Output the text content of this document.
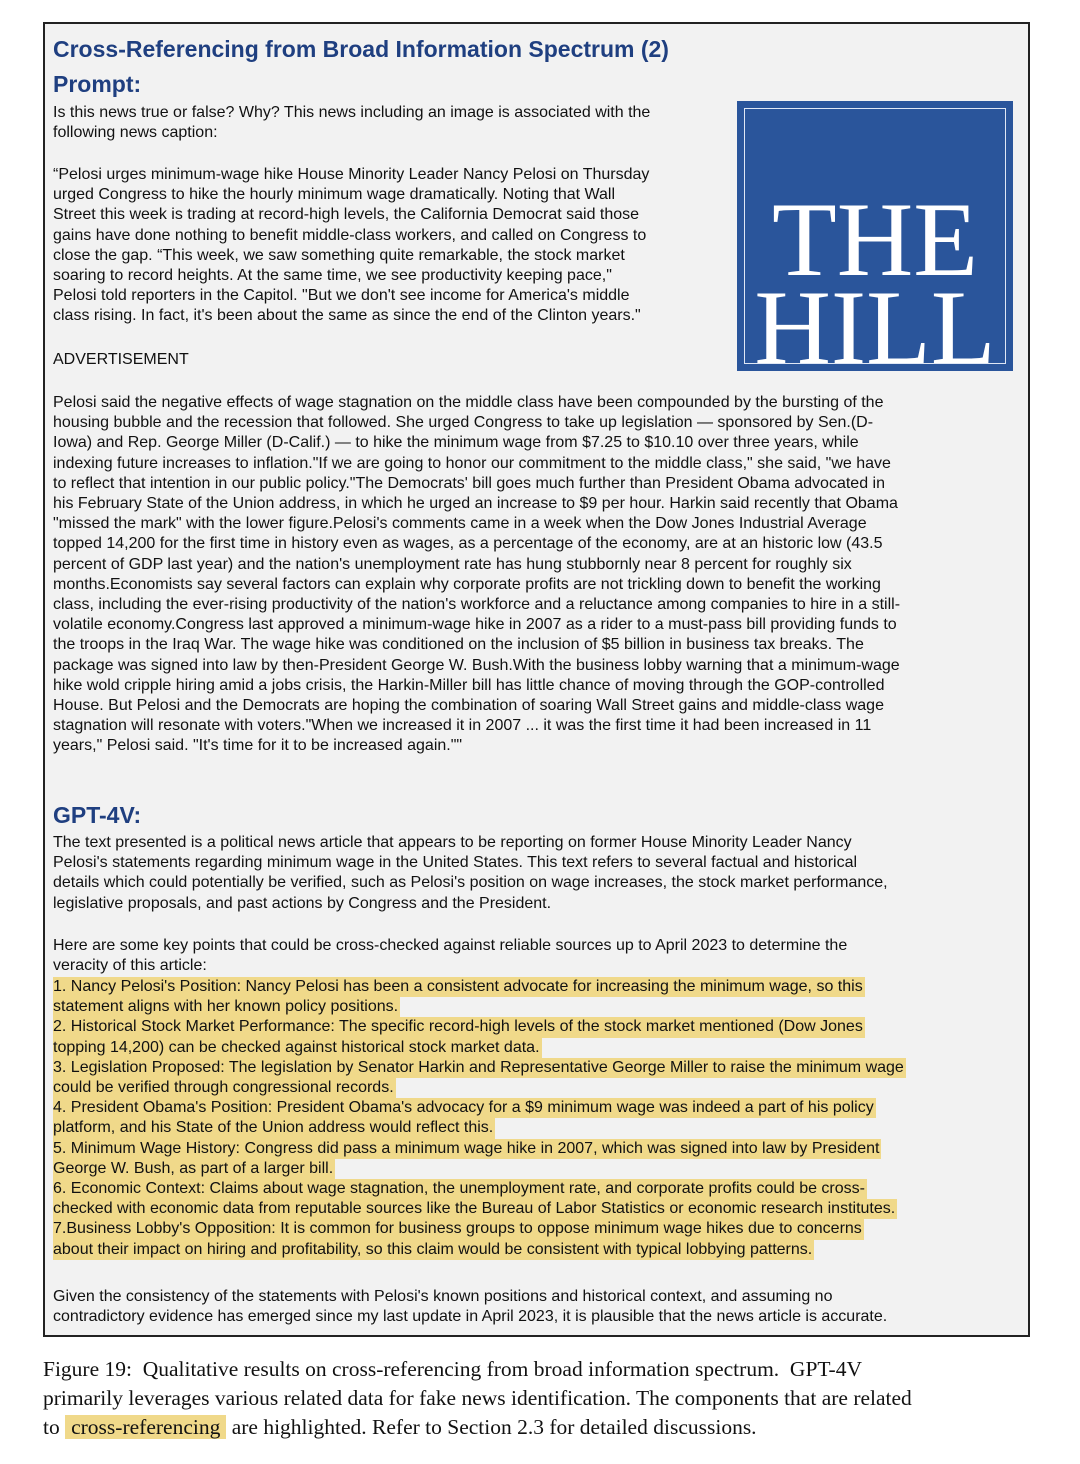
Cross-Referencing from Broad Information Spectrum (2)
Prompt:
Is this news true or false? Why? This news including an image is associated with the
following news caption:
“Pelosi urges minimum-wage hike House Minority Leader Nancy Pelosi on Thursday
urged Congress to hike the hourly minimum wage dramatically. Noting that Wall
Street this week is trading at record-high levels, the California Democrat said those
gains have done nothing to benefit middle-class workers, and called on Congress to
close the gap. “This week, we saw something quite remarkable, the stock market
soaring to record heights. At the same time, we see productivity keeping pace,"
Pelosi told reporters in the Capitol. "But we don't see income for America's middle
class rising. In fact, it's been about the same as since the end of the Clinton years."
ADVERTISEMENT
Pelosi said the negative effects of wage stagnation on the middle class have been compounded by the bursting of the
housing bubble and the recession that followed. She urged Congress to take up legislation — sponsored by Sen.(D-
Iowa) and Rep. George Miller (D-Calif.) — to hike the minimum wage from $7.25 to $10.10 over three years, while
indexing future increases to inflation."If we are going to honor our commitment to the middle class," she said, "we have
to reflect that intention in our public policy."The Democrats' bill goes much further than President Obama advocated in
his February State of the Union address, in which he urged an increase to $9 per hour. Harkin said recently that Obama
"missed the mark" with the lower figure.Pelosi's comments came in a week when the Dow Jones Industrial Average
topped 14,200 for the first time in history even as wages, as a percentage of the economy, are at an historic low (43.5
percent of GDP last year) and the nation's unemployment rate has hung stubbornly near 8 percent for roughly six
months.Economists say several factors can explain why corporate profits are not trickling down to benefit the working
class, including the ever-rising productivity of the nation's workforce and a reluctance among companies to hire in a still-
volatile economy.Congress last approved a minimum-wage hike in 2007 as a rider to a must-pass bill providing funds to
the troops in the Iraq War. The wage hike was conditioned on the inclusion of $5 billion in business tax breaks. The
package was signed into law by then-President George W. Bush.With the business lobby warning that a minimum-wage
hike wold cripple hiring amid a jobs crisis, the Harkin-Miller bill has little chance of moving through the GOP-controlled
House. But Pelosi and the Democrats are hoping the combination of soaring Wall Street gains and middle-class wage
stagnation will resonate with voters."When we increased it in 2007 ... it was the first time it had been increased in 11
years," Pelosi said. "It's time for it to be increased again.""
THE
HILL
GPT-4V:
The text presented is a political news article that appears to be reporting on former House Minority Leader Nancy
Pelosi's statements regarding minimum wage in the United States. This text refers to several factual and historical
details which could potentially be verified, such as Pelosi's position on wage increases, the stock market performance,
legislative proposals, and past actions by Congress and the President.
Here are some key points that could be cross-checked against reliable sources up to April 2023 to determine the
veracity of this article:
1. Nancy Pelosi's Position: Nancy Pelosi has been a consistent advocate for increasing the minimum wage, so this
statement aligns with her known policy positions.
2. Historical Stock Market Performance: The specific record-high levels of the stock market mentioned (Dow Jones
topping 14,200) can be checked against historical stock market data.
3. Legislation Proposed: The legislation by Senator Harkin and Representative George Miller to raise the minimum wage
could be verified through congressional records.
4. President Obama's Position: President Obama's advocacy for a $9 minimum wage was indeed a part of his policy
platform, and his State of the Union address would reflect this.
5. Minimum Wage History: Congress did pass a minimum wage hike in 2007, which was signed into law by President
George W. Bush, as part of a larger bill.
6. Economic Context: Claims about wage stagnation, the unemployment rate, and corporate profits could be cross-
checked with economic data from reputable sources like the Bureau of Labor Statistics or economic research institutes.
7.Business Lobby's Opposition: It is common for business groups to oppose minimum wage hikes due to concerns
about their impact on hiring and profitability, so this claim would be consistent with typical lobbying patterns.
Given the consistency of the statements with Pelosi's known positions and historical context, and assuming no
contradictory evidence has emerged since my last update in April 2023, it is plausible that the news article is accurate.
Figure 19:  Qualitative results on cross-referencing from broad information spectrum.  GPT-4V
primarily leverages various related data for fake news identification. The components that are related
to cross-referencing are highlighted. Refer to Section 2.3 for detailed discussions.
